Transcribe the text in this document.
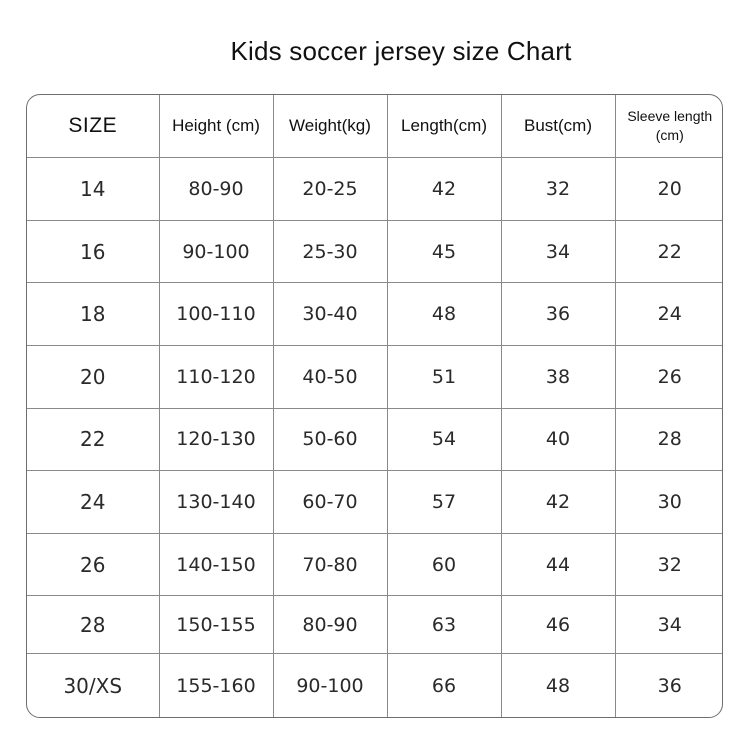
Kids soccer jersey size Chart
SIZE	Height (cm)	Weight(kg)	Length(cm)	Bust(cm)	Sleeve length
(cm)
14	80-90	20-25	42	32	20
16	90-100	25-30	45	34	22
18	100-110	30-40	48	36	24
20	110-120	40-50	51	38	26
22	120-130	50-60	54	40	28
24	130-140	60-70	57	42	30
26	140-150	70-80	60	44	32
28	150-155	80-90	63	46	34
30/XS	155-160	90-100	66	48	36
